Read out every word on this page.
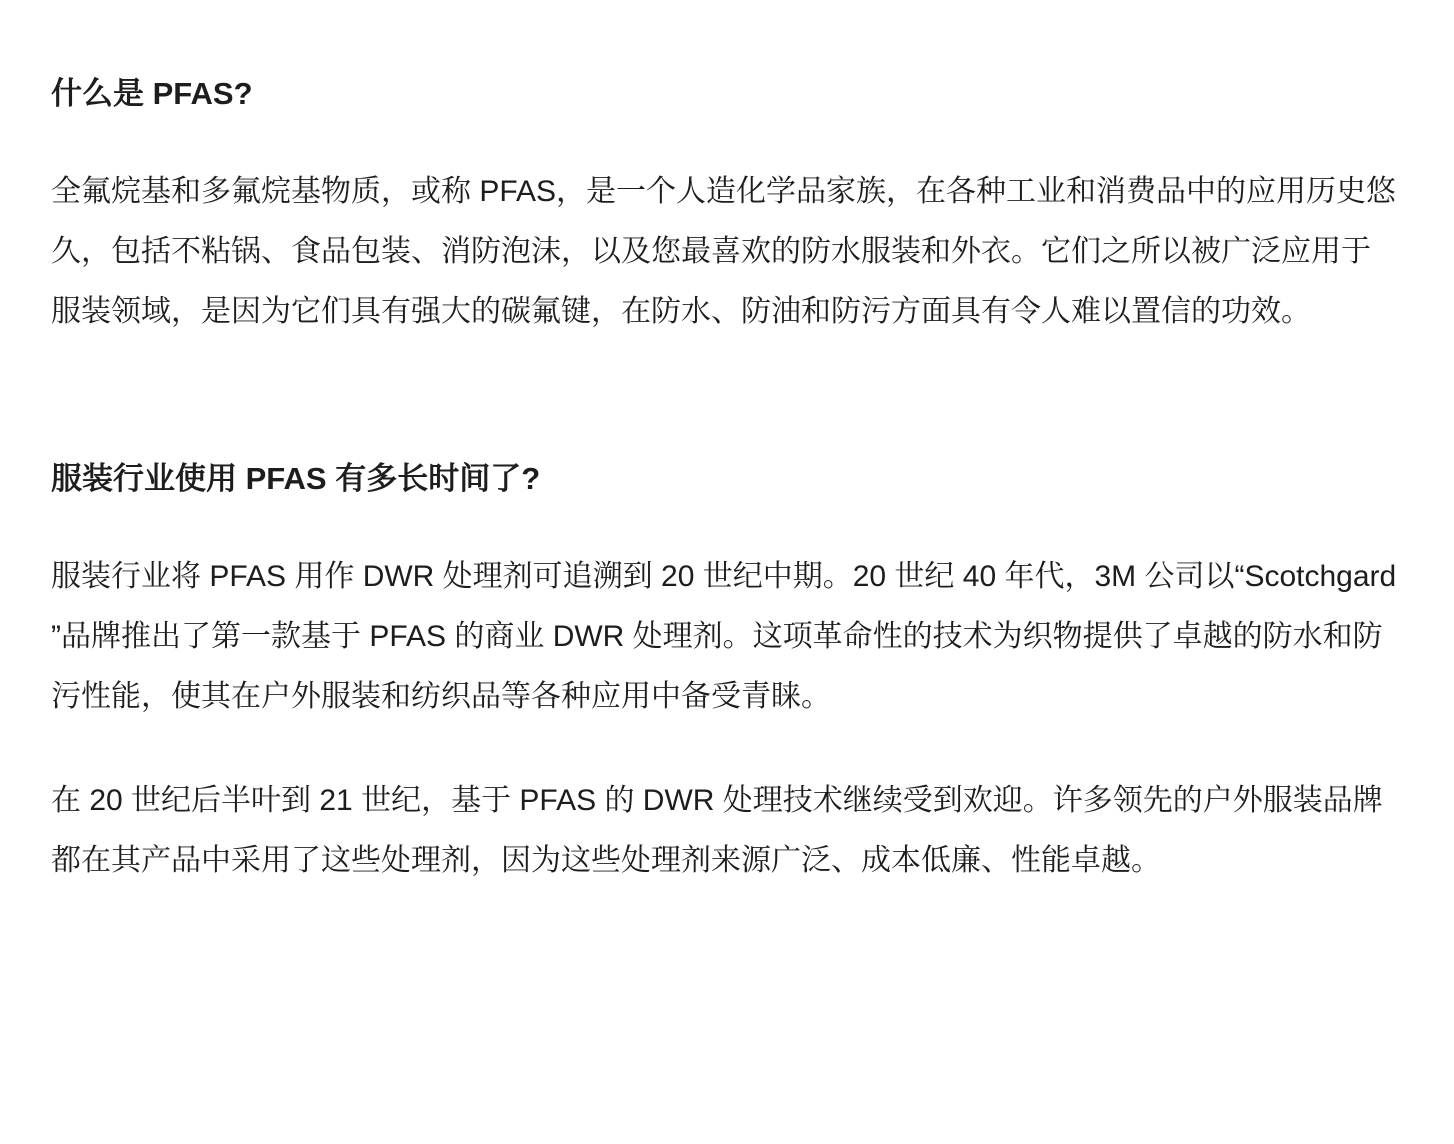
什么是 PFAS?

全氟烷基和多氟烷基物质，或称 PFAS，是一个人造化学品家族，在各种工业和消费品中的应用历史悠久，包括不粘锅、食品包装、消防泡沫，以及您最喜欢的防水服装和外衣。它们之所以被广泛应用于服装领域，是因为它们具有强大的碳氟键，在防水、防油和防污方面具有令人难以置信的功效。

服装行业使用 PFAS 有多长时间了?

服装行业将 PFAS 用作 DWR 处理剂可追溯到 20 世纪中期。20 世纪 40 年代，3M 公司以“Scotchgard ”品牌推出了第一款基于 PFAS 的商业 DWR 处理剂。这项革命性的技术为织物提供了卓越的防水和防污性能，使其在户外服装和纺织品等各种应用中备受青睐。

在 20 世纪后半叶到 21 世纪，基于 PFAS 的 DWR 处理技术继续受到欢迎。许多领先的户外服装品牌都在其产品中采用了这些处理剂，因为这些处理剂来源广泛、成本低廉、性能卓越。
